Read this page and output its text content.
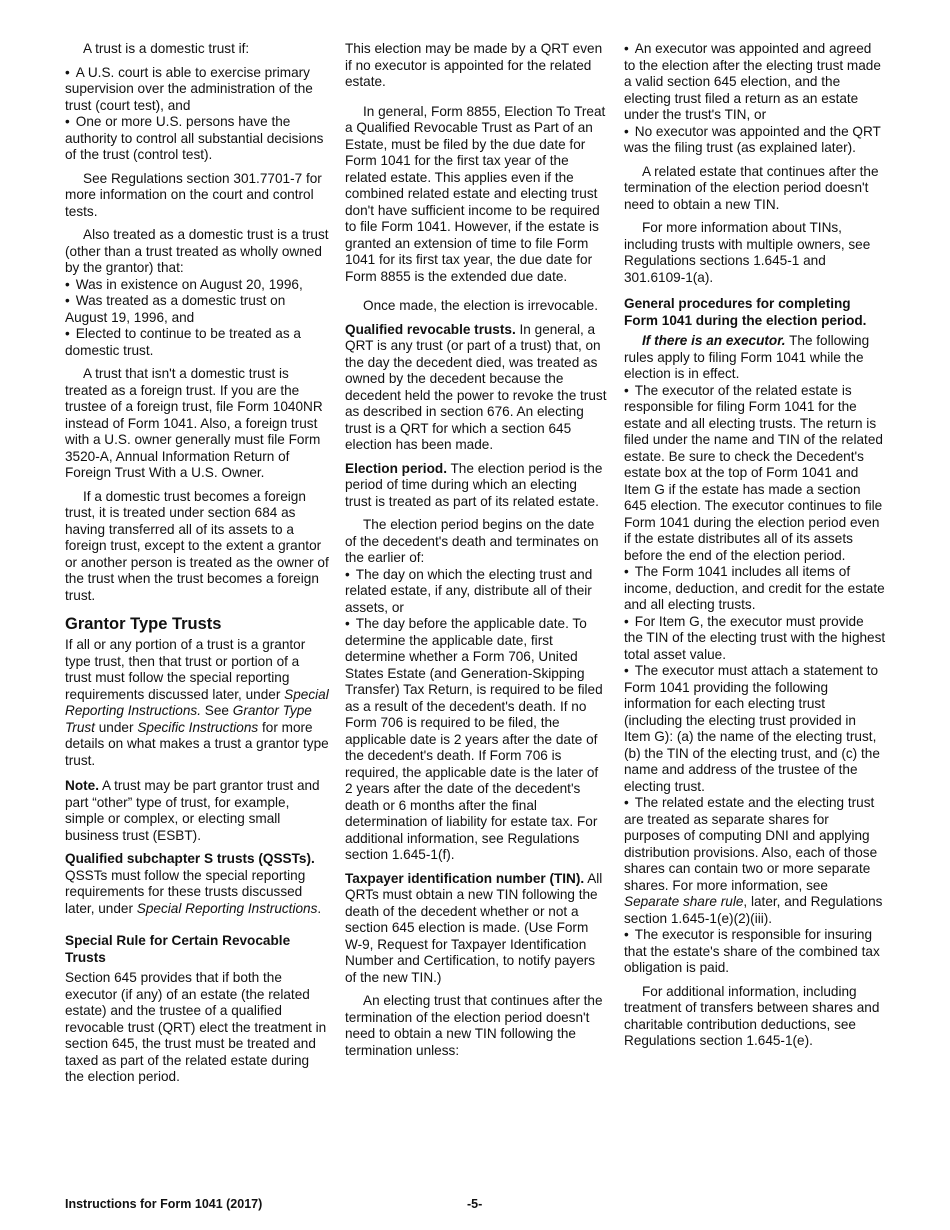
A trust is a domestic trust if:

• A U.S. court is able to exercise primary supervision over the administration of the trust (court test), and
• One or more U.S. persons have the authority to control all substantial decisions of the trust (control test).

See Regulations section 301.7701-7 for more information on the court and control tests.

Also treated as a domestic trust is a trust (other than a trust treated as wholly owned by the grantor) that:

• Was in existence on August 20, 1996,
• Was treated as a domestic trust on August 19, 1996, and
• Elected to continue to be treated as a domestic trust.

A trust that isn't a domestic trust is treated as a foreign trust. If you are the trustee of a foreign trust, file Form 1040NR instead of Form 1041. Also, a foreign trust with a U.S. owner generally must file Form 3520-A, Annual Information Return of Foreign Trust With a U.S. Owner.

If a domestic trust becomes a foreign trust, it is treated under section 684 as having transferred all of its assets to a foreign trust, except to the extent a grantor or another person is treated as the owner of the trust when the trust becomes a foreign trust.

Grantor Type Trusts

If all or any portion of a trust is a grantor type trust, then that trust or portion of a trust must follow the special reporting requirements discussed later, under Special Reporting Instructions. See Grantor Type Trust under Specific Instructions for more details on what makes a trust a grantor type trust.

Note. A trust may be part grantor trust and part “other” type of trust, for example, simple or complex, or electing small business trust (ESBT).

Qualified subchapter S trusts (QSSTs). QSSTs must follow the special reporting requirements for these trusts discussed later, under Special Reporting Instructions.

Special Rule for Certain Revocable Trusts

Section 645 provides that if both the executor (if any) of an estate (the related estate) and the trustee of a qualified revocable trust (QRT) elect the treatment in section 645, the trust must be treated and taxed as part of the related estate during the election period.

This election may be made by a QRT even if no executor is appointed for the related estate.

In general, Form 8855, Election To Treat a Qualified Revocable Trust as Part of an Estate, must be filed by the due date for Form 1041 for the first tax year of the related estate. This applies even if the combined related estate and electing trust don't have sufficient income to be required to file Form 1041. However, if the estate is granted an extension of time to file Form 1041 for its first tax year, the due date for Form 8855 is the extended due date.

Once made, the election is irrevocable.

Qualified revocable trusts. In general, a QRT is any trust (or part of a trust) that, on the day the decedent died, was treated as owned by the decedent because the decedent held the power to revoke the trust as described in section 676. An electing trust is a QRT for which a section 645 election has been made.

Election period. The election period is the period of time during which an electing trust is treated as part of its related estate.

The election period begins on the date of the decedent's death and terminates on the earlier of:

• The day on which the electing trust and related estate, if any, distribute all of their assets, or
• The day before the applicable date. To determine the applicable date, first determine whether a Form 706, United States Estate (and Generation-Skipping Transfer) Tax Return, is required to be filed as a result of the decedent's death. If no Form 706 is required to be filed, the applicable date is 2 years after the date of the decedent's death. If Form 706 is required, the applicable date is the later of 2 years after the date of the decedent's death or 6 months after the final determination of liability for estate tax. For additional information, see Regulations section 1.645-1(f).

Taxpayer identification number (TIN). All QRTs must obtain a new TIN following the death of the decedent whether or not a section 645 election is made. (Use Form W-9, Request for Taxpayer Identification Number and Certification, to notify payers of the new TIN.)

An electing trust that continues after the termination of the election period doesn't need to obtain a new TIN following the termination unless:

• An executor was appointed and agreed to the election after the electing trust made a valid section 645 election, and the electing trust filed a return as an estate under the trust's TIN, or
• No executor was appointed and the QRT was the filing trust (as explained later).

A related estate that continues after the termination of the election period doesn't need to obtain a new TIN.

For more information about TINs, including trusts with multiple owners, see Regulations sections 1.645-1 and 301.6109-1(a).

General procedures for completing Form 1041 during the election period.

If there is an executor. The following rules apply to filing Form 1041 while the election is in effect.

• The executor of the related estate is responsible for filing Form 1041 for the estate and all electing trusts. The return is filed under the name and TIN of the related estate. Be sure to check the Decedent's estate box at the top of Form 1041 and Item G if the estate has made a section 645 election. The executor continues to file Form 1041 during the election period even if the estate distributes all of its assets before the end of the election period.
• The Form 1041 includes all items of income, deduction, and credit for the estate and all electing trusts.
• For Item G, the executor must provide the TIN of the electing trust with the highest total asset value.
• The executor must attach a statement to Form 1041 providing the following information for each electing trust (including the electing trust provided in Item G): (a) the name of the electing trust, (b) the TIN of the electing trust, and (c) the name and address of the trustee of the electing trust.
• The related estate and the electing trust are treated as separate shares for purposes of computing DNI and applying distribution provisions. Also, each of those shares can contain two or more separate shares. For more information, see Separate share rule, later, and Regulations section 1.645-1(e)(2)(iii).
• The executor is responsible for insuring that the estate's share of the combined tax obligation is paid.

For additional information, including treatment of transfers between shares and charitable contribution deductions, see Regulations section 1.645-1(e).

Instructions for Form 1041 (2017)	-5-
